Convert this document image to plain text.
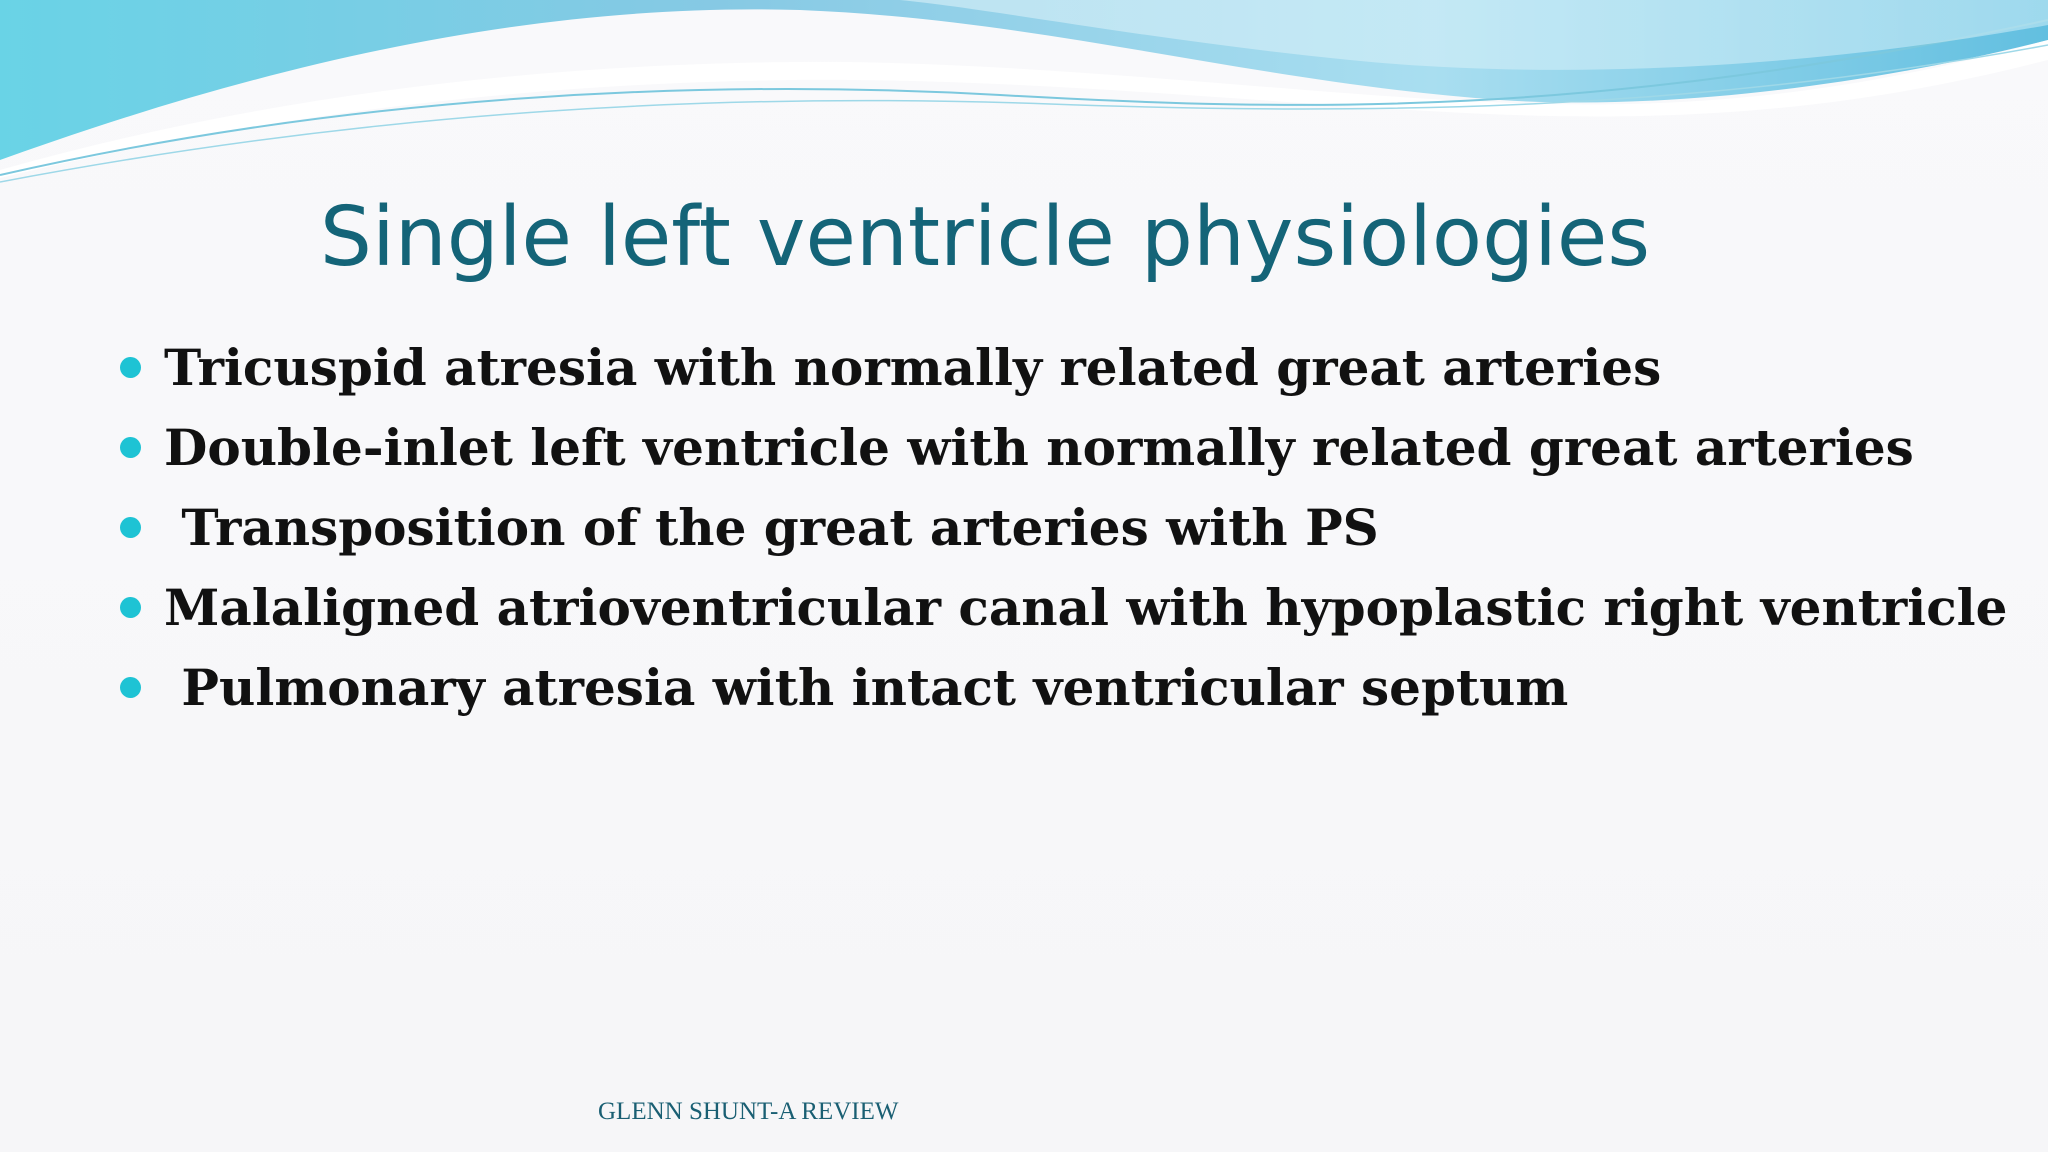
Single left ventricle physiologies
Tricuspid atresia with normally related great arteries
Double-inlet left ventricle with normally related great arteries
Transposition of the great arteries with PS
Malaligned atrioventricular canal with hypoplastic right ventricle
Pulmonary atresia with intact ventricular septum
GLENN SHUNT-A REVIEW
